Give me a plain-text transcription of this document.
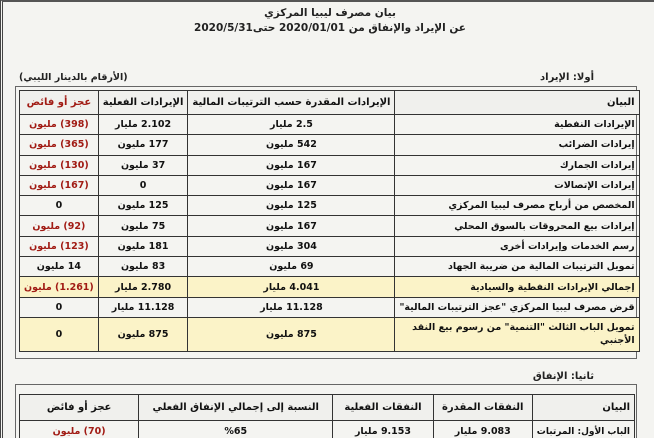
بيان مصرف ليبيا المركزي
عن الإيراد والإنفاق من 2020/01/01 حتى2020/5/31
(الأرقام بالدينار الليبي)	أولا: الإيراد
البيان	الإيرادات المقدرة حسب الترتيبات المالية	الإيرادات الفعلية	عجز أو فائض
الإيرادات النفطية	2.5 مليار	2.102 مليار	(398) مليون
إيرادات الضرائب	542 مليون	177 مليون	(365) مليون
إيرادات الجمارك	167 مليون	37 مليون	(130) مليون
إيرادات الإتصالات	167 مليون	0	(167) مليون
المخصص من أرباح مصرف ليبيا المركزي	125 مليون	125 مليون	0
إيرادات بيع المحروقات بالسوق المحلي	167 مليون	75 مليون	(92) مليون
رسم الخدمات وإيرادات أخرى	304 مليون	181 مليون	(123) مليون
تمويل الترتيبات المالية من ضريبة الجهاد	69 مليون	83 مليون	14 مليون
إجمالي الإيرادات النفطية والسيادية	4.041 مليار	2.780 مليار	(1.261) مليون
قرض مصرف ليبيا المركزي "عجز الترتيبات المالية"	11.128 مليار	11.128 مليار	0
تمويل الباب الثالث "التنمية" من رسوم بيع النقد الأجنبي	875 مليون	875 مليون	0
ثانيا: الإنفاق
البيان	النفقات المقدرة	النفقات الفعلية	النسبة إلى إجمالي الإنفاق الفعلي	عجز أو فائض
الباب الأول: المرتبات	9.083 مليار	9.153 مليار	%65	(70) مليون
